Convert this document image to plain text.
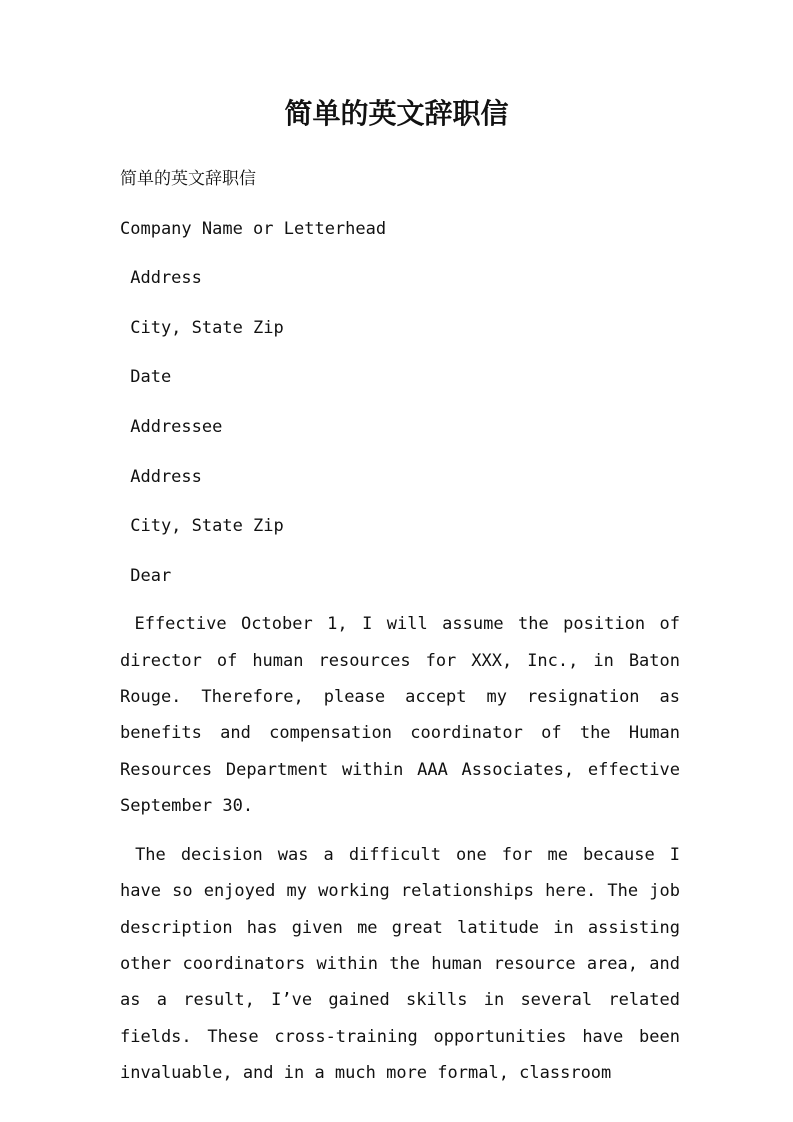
简单的英文辞职信
简单的英文辞职信
Company Name or Letterhead
Address
City, State Zip
Date
Addressee
Address
City, State Zip
Dear
Effective October 1, I will assume the position of director of human resources for XXX, Inc., in Baton Rouge. Therefore, please accept my resignation as benefits and compensation coordinator of the Human Resources Department within AAA Associates, effective September 30.
The decision was a difficult one for me because I have so enjoyed my working relationships here. The job description has given me great latitude in assisting other coordinators within the human resource area, and as a result, I’ve gained skills in several related fields. These cross-training opportunities have been invaluable, and in a much more formal, classroom
